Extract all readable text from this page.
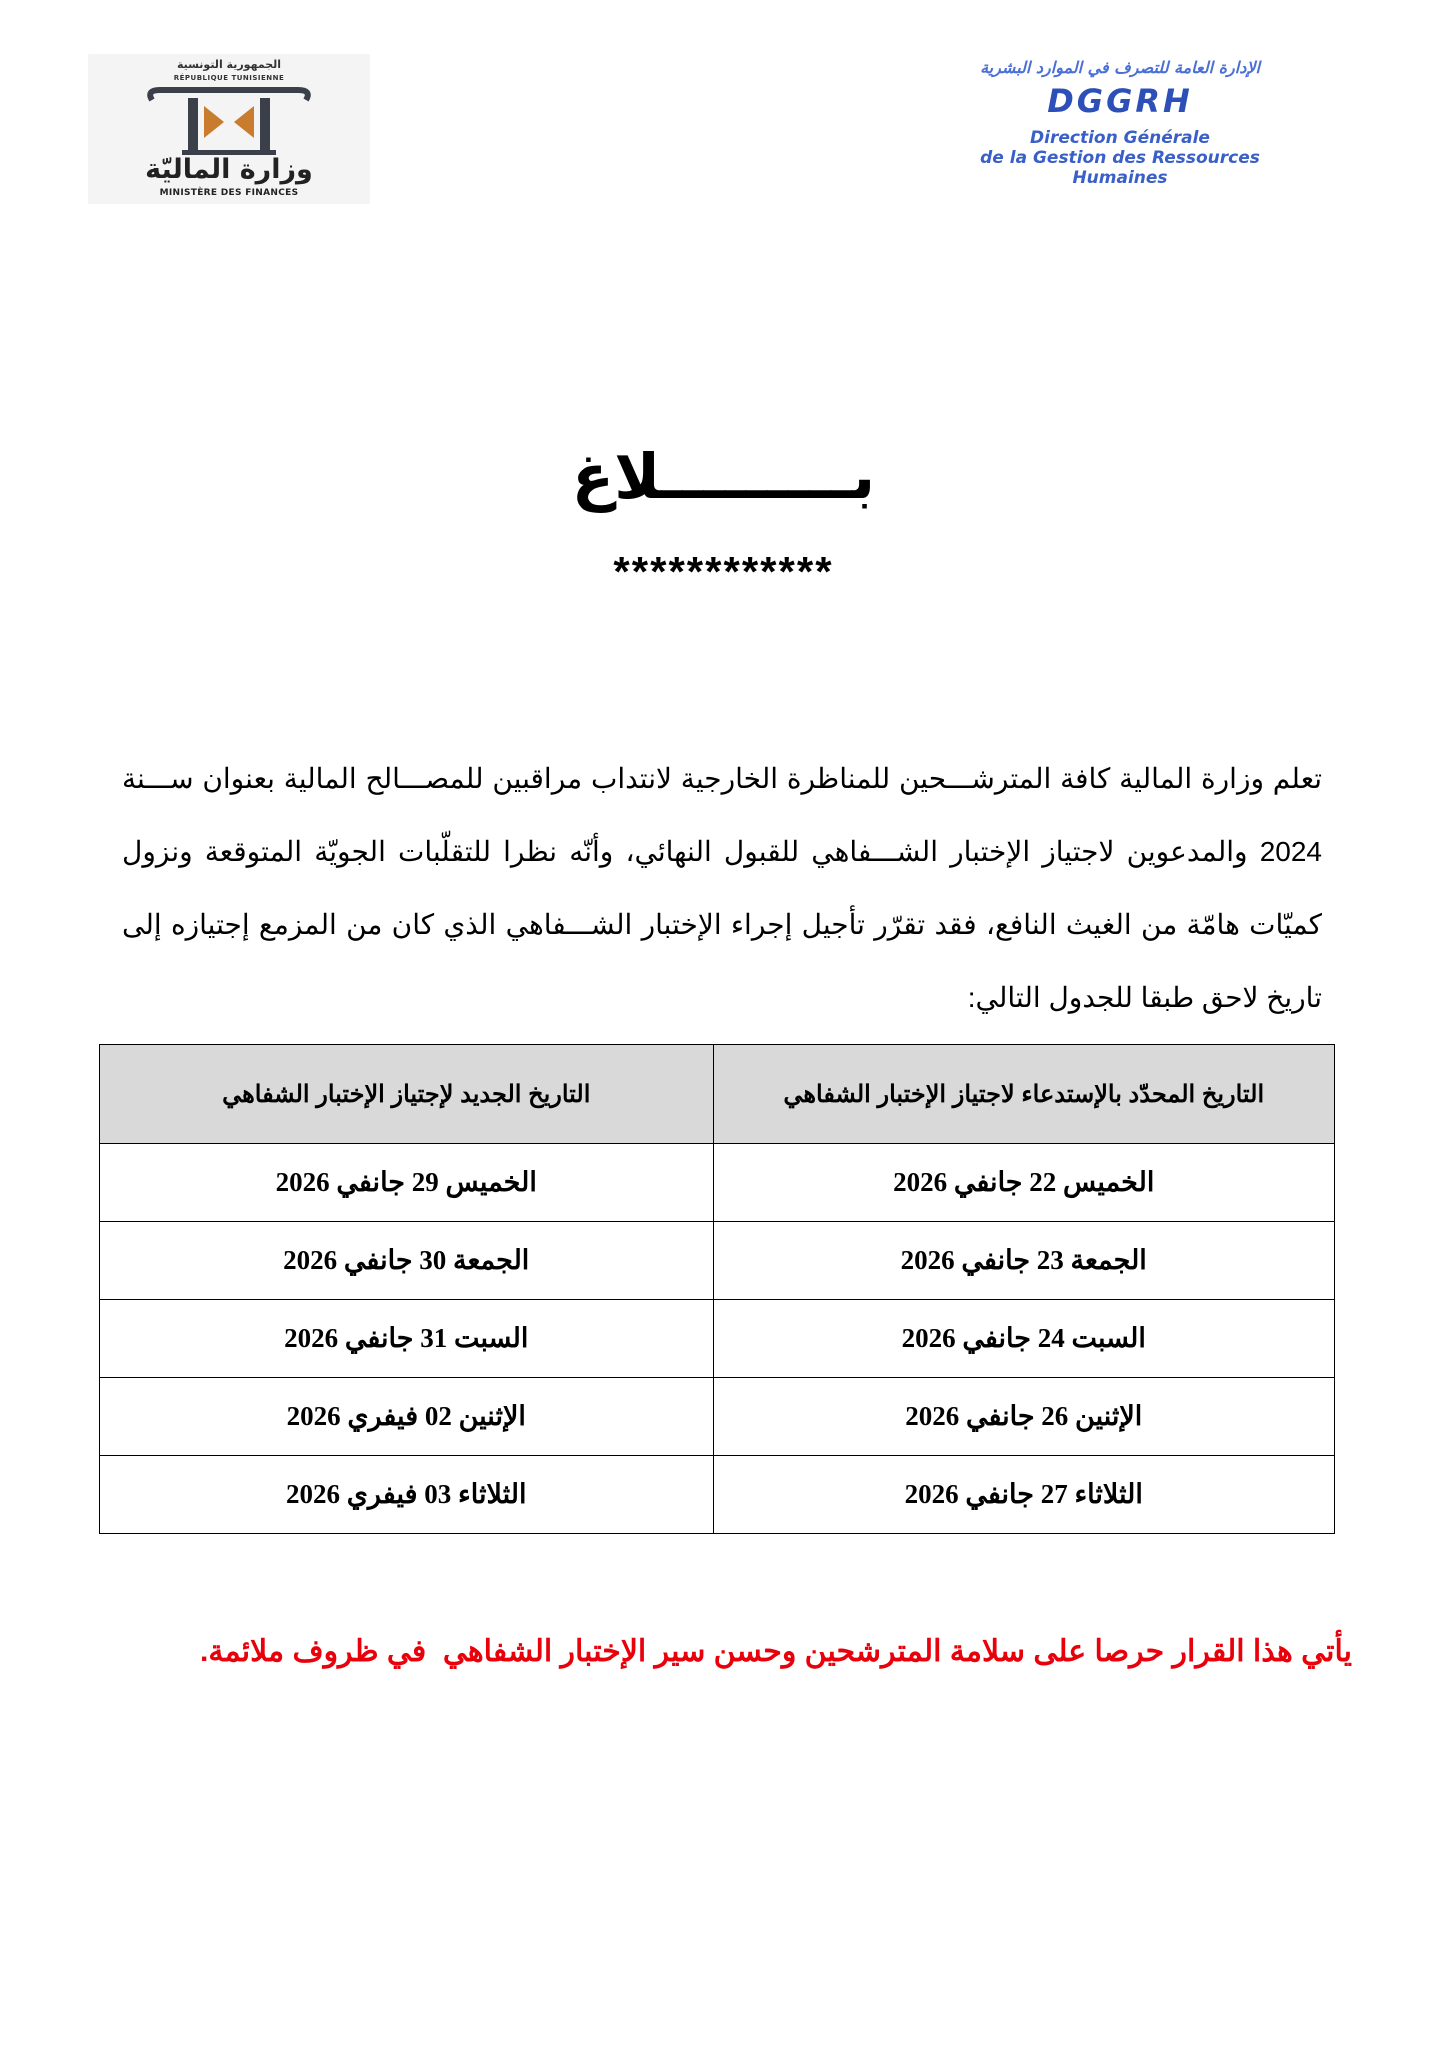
الجمهورية التونسية
RÉPUBLIQUE TUNISIENNE
وزارة الماليّة
MINISTÈRE DES FINANCES
الإدارة العامة للتصرف في الموارد البشرية
DGGRH
Direction Générale
de la Gestion des Ressources Humaines
بـــــــــلاغ
************
تعلم وزارة المالية كافة المترشـــحين للمناظرة الخارجية لانتداب مراقبين للمصـــالح المالية بعنوان ســـنة 2024 والمدعوين لاجتياز الإختبار الشـــفاهي للقبول النهائي، وأنّه نظرا للتقلّبات الجويّة المتوقعة ونزول كميّات هامّة من الغيث النافع، فقد تقرّر تأجيل إجراء الإختبار الشـــفاهي الذي كان من المزمع إجتيازه إلى تاريخ لاحق طبقا للجدول التالي:
التاريخ المحدّد بالإستدعاء لاجتياز الإختبار الشفاهي	التاريخ الجديد لإجتياز الإختبار الشفاهي
الخميس 22 جانفي 2026	الخميس 29 جانفي 2026
الجمعة 23 جانفي 2026	الجمعة 30 جانفي 2026
السبت 24 جانفي 2026	السبت 31 جانفي 2026
الإثنين 26 جانفي 2026	الإثنين 02 فيفري 2026
الثلاثاء 27 جانفي 2026	الثلاثاء 03 فيفري 2026
يأتي هذا القرار حرصا على سلامة المترشحين وحسن سير الإختبار الشفاهي  في ظروف ملائمة.
